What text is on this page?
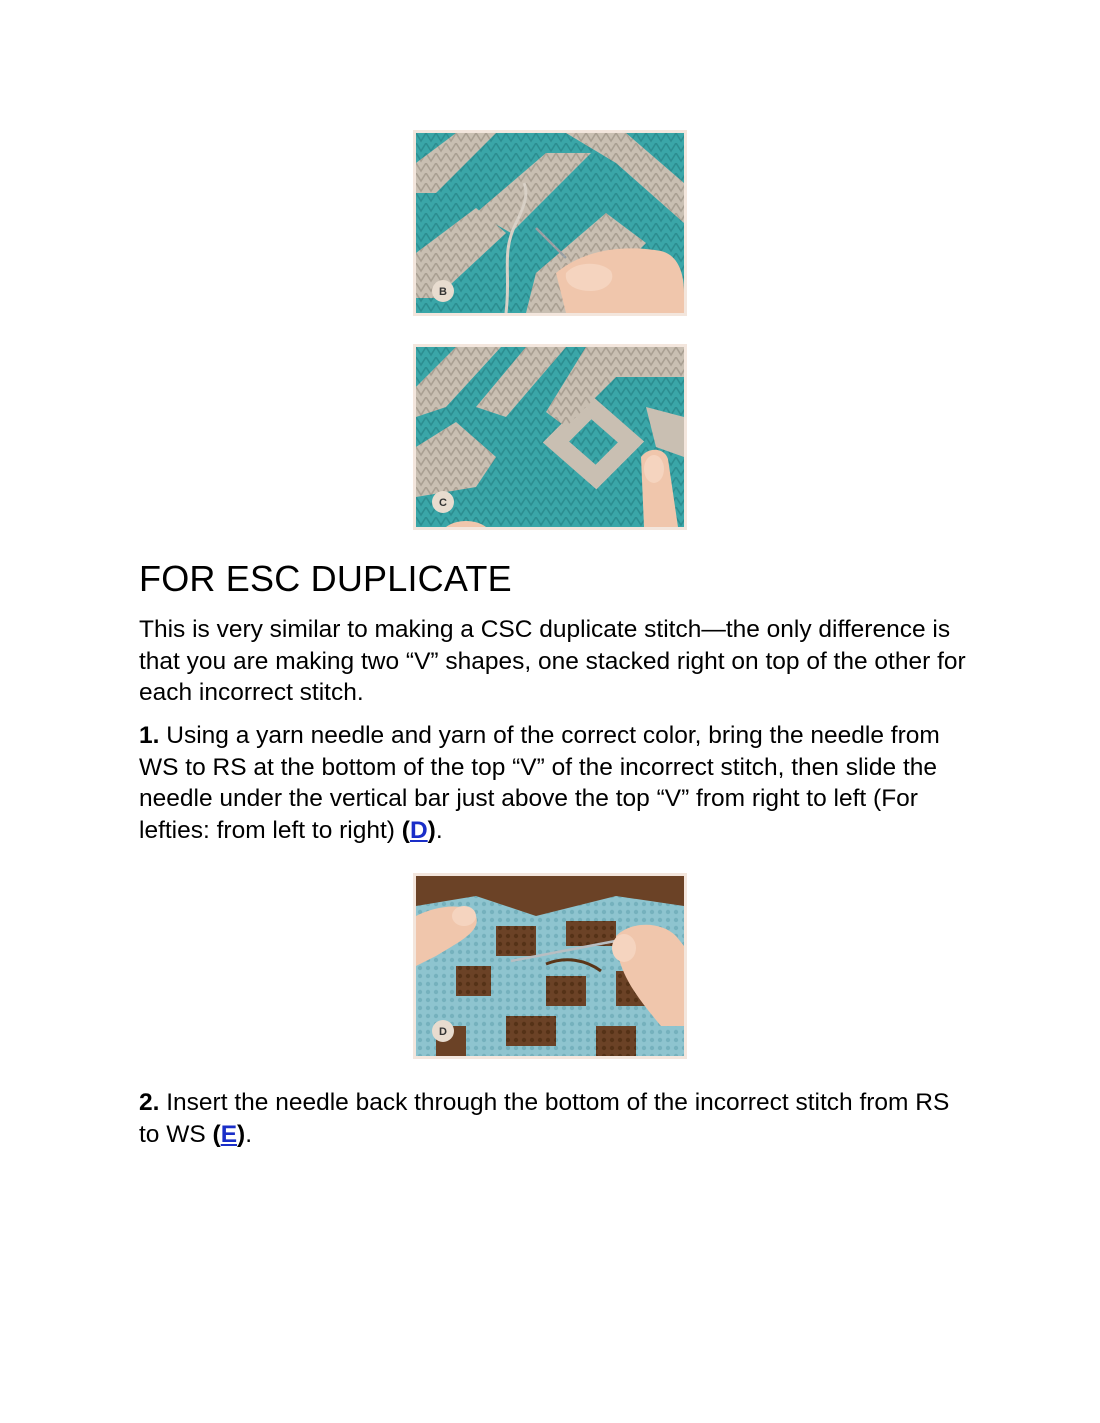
B
C
FOR ESC DUPLICATE

This is very similar to making a CSC duplicate stitch—the only difference is that you are making two “V” shapes, one stacked right on top of the other for each incorrect stitch.

1. Using a yarn needle and yarn of the correct color, bring the needle from WS to RS at the bottom of the top “V” of the incorrect stitch, then slide the needle under the vertical bar just above the top “V” from right to left (For lefties: from left to right) (D).

D

2. Insert the needle back through the bottom of the incorrect stitch from RS to WS (E).
